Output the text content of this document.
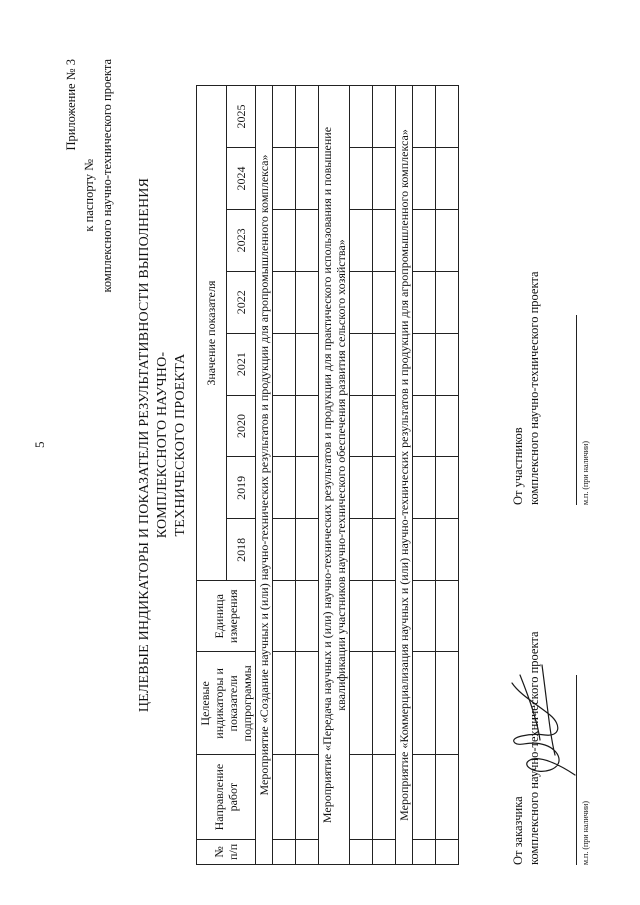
5
Приложение № 3
к паспорту № комплексного научно-технического проекта
ЦЕЛЕВЫЕ ИНДИКАТОРЫ И ПОКАЗАТЕЛИ РЕЗУЛЬТАТИВНОСТИ ВЫПОЛНЕНИЯ КОМПЛЕКСНОГО НАУЧНО- ТЕХНИЧЕСКОГО ПРОЕКТА
№ п/п	Направление работ	Целевые индикаторы и показатели подпрограммы	Единица измерения	Значение показателя							
				2018	2019	2020	2021	2022	2023	2024	2025
Мероприятие «Создание научных и (или) научно-технических результатов и продукции для агропромышленного комплекса»											

Мероприятие «Передача научных и (или) научно-технических результатов и продукции для практического использования и повышение квалификации участников научно-технического обеспечения развития сельского хозяйства»											

Мероприятие «Коммерциализация научных и (или) научно-технических результатов и продукции для агропромышленного комплекса»											

От заказчика комплексного научно-технического проекта	м.п. (при наличии)
От участников комплексного научно-технического проекта	м.п. (при наличии)
